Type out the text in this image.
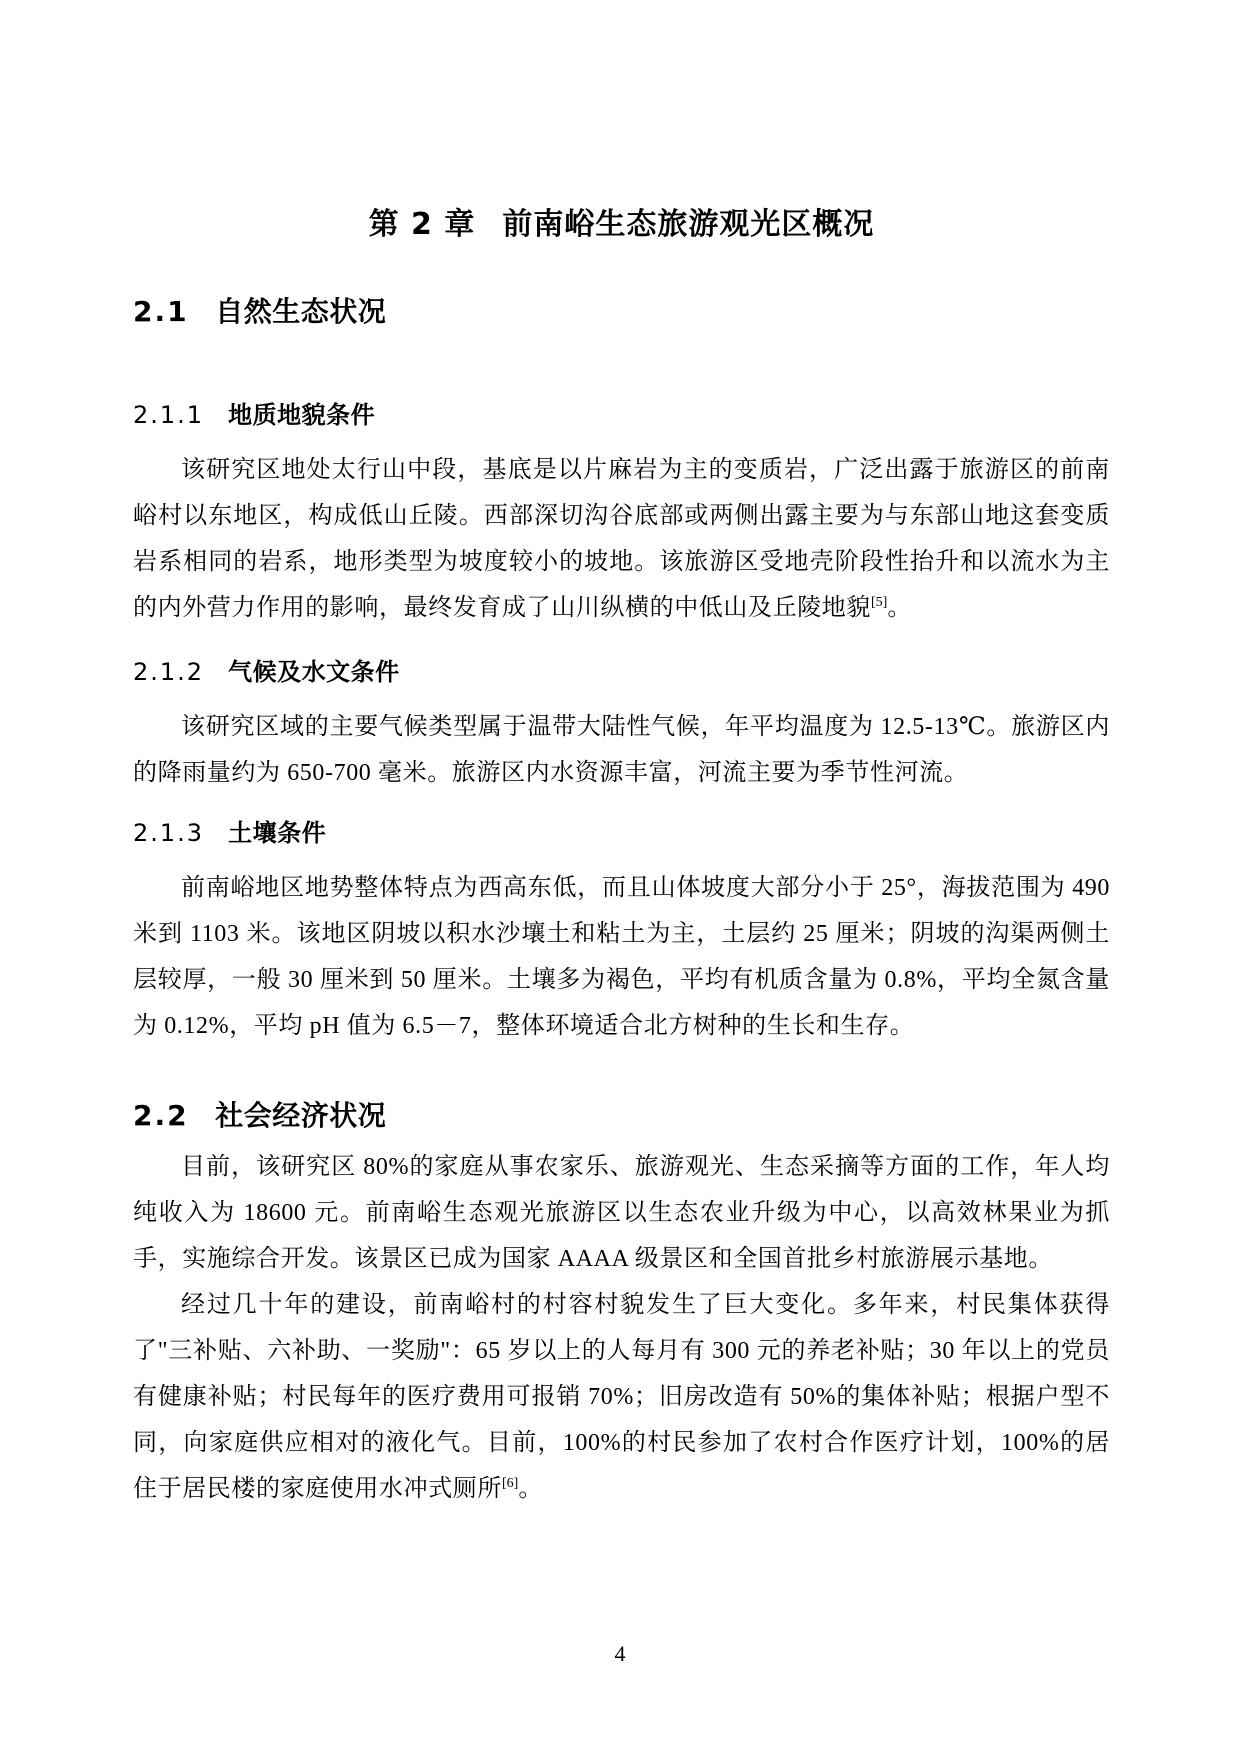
第 2 章 前南峪生态旅游观光区概况
2.1 自然生态状况
2.1.1 地质地貌条件

该研究区地处太行山中段，基底是以片麻岩为主的变质岩，广泛出露于旅游区的前南峪村以东地区，构成低山丘陵。西部深切沟谷底部或两侧出露主要为与东部山地这套变质岩系相同的岩系，地形类型为坡度较小的坡地。该旅游区受地壳阶段性抬升和以流水为主的内外营力作用的影响，最终发育成了山川纵横的中低山及丘陵地貌[5]。

2.1.2 气候及水文条件

该研究区域的主要气候类型属于温带大陆性气候，年平均温度为 12.5-13℃。旅游区内的降雨量约为 650-700 毫米。旅游区内水资源丰富，河流主要为季节性河流。

2.1.3 土壤条件

前南峪地区地势整体特点为西高东低，而且山体坡度大部分小于 25°，海拔范围为 490 米到 1103 米。该地区阴坡以积水沙壤土和粘土为主，土层约 25 厘米；阴坡的沟渠两侧土层较厚，一般 30 厘米到 50 厘米。土壤多为褐色，平均有机质含量为 0.8%，平均全氮含量为 0.12%，平均 pH 值为 6.5－7，整体环境适合北方树种的生长和生存。

2.2 社会经济状况

目前，该研究区 80%的家庭从事农家乐、旅游观光、生态采摘等方面的工作，年人均纯收入为 18600 元。前南峪生态观光旅游区以生态农业升级为中心，以高效林果业为抓手，实施综合开发。该景区已成为国家 AAAA 级景区和全国首批乡村旅游展示基地。

经过几十年的建设，前南峪村的村容村貌发生了巨大变化。多年来，村民集体获得了"三补贴、六补助、一奖励"：65 岁以上的人每月有 300 元的养老补贴；30 年以上的党员有健康补贴；村民每年的医疗费用可报销 70%；旧房改造有 50%的集体补贴；根据户型不同，向家庭供应相对的液化气。目前，100%的村民参加了农村合作医疗计划，100%的居住于居民楼的家庭使用水冲式厕所[6]。

4
